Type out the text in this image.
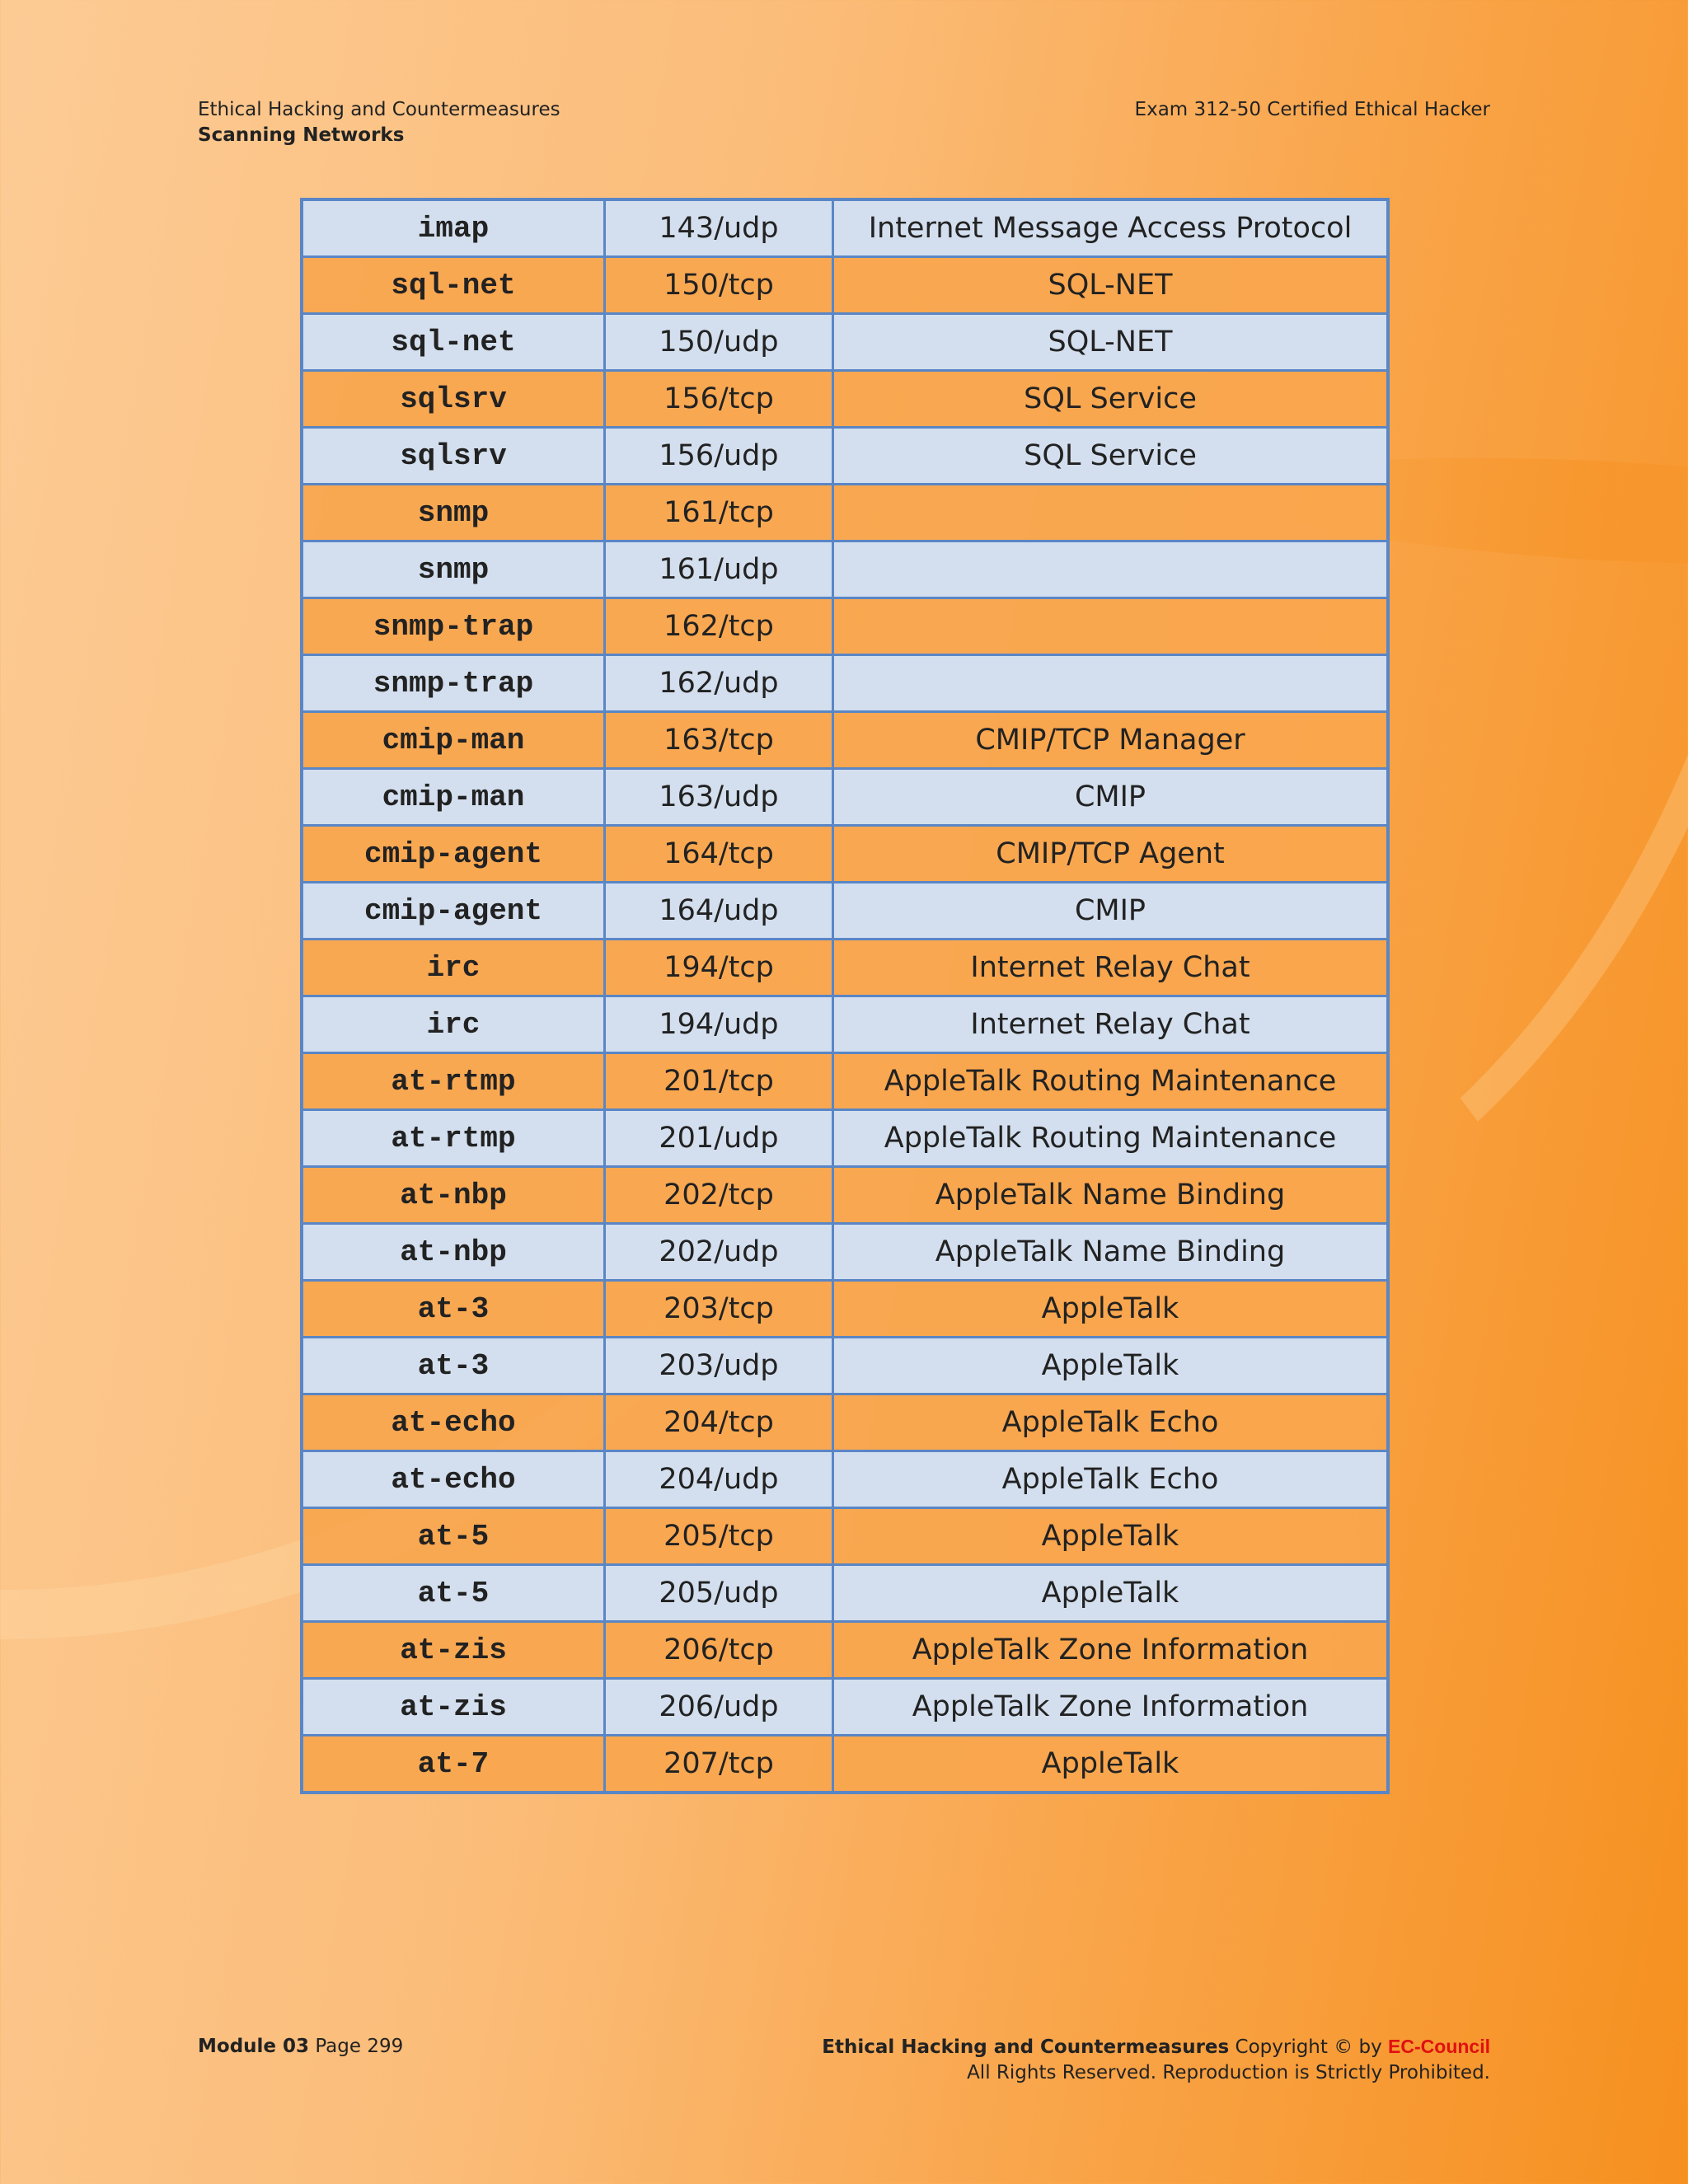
Ethical Hacking and Countermeasures
Scanning Networks
Exam 312-50 Certified Ethical Hacker
imap	143/udp	Internet Message Access Protocol
sql-net	150/tcp	SQL-NET
sql-net	150/udp	SQL-NET
sqlsrv	156/tcp	SQL Service
sqlsrv	156/udp	SQL Service
snmp	161/tcp	
snmp	161/udp	
snmp-trap	162/tcp	
snmp-trap	162/udp	
cmip-man	163/tcp	CMIP/TCP Manager
cmip-man	163/udp	CMIP
cmip-agent	164/tcp	CMIP/TCP Agent
cmip-agent	164/udp	CMIP
irc	194/tcp	Internet Relay Chat
irc	194/udp	Internet Relay Chat
at-rtmp	201/tcp	AppleTalk Routing Maintenance
at-rtmp	201/udp	AppleTalk Routing Maintenance
at-nbp	202/tcp	AppleTalk Name Binding
at-nbp	202/udp	AppleTalk Name Binding
at-3	203/tcp	AppleTalk
at-3	203/udp	AppleTalk
at-echo	204/tcp	AppleTalk Echo
at-echo	204/udp	AppleTalk Echo
at-5	205/tcp	AppleTalk
at-5	205/udp	AppleTalk
at-zis	206/tcp	AppleTalk Zone Information
at-zis	206/udp	AppleTalk Zone Information
at-7	207/tcp	AppleTalk
Module 03 Page 299	Ethical Hacking and Countermeasures Copyright © by EC-Council
All Rights Reserved. Reproduction is Strictly Prohibited.
